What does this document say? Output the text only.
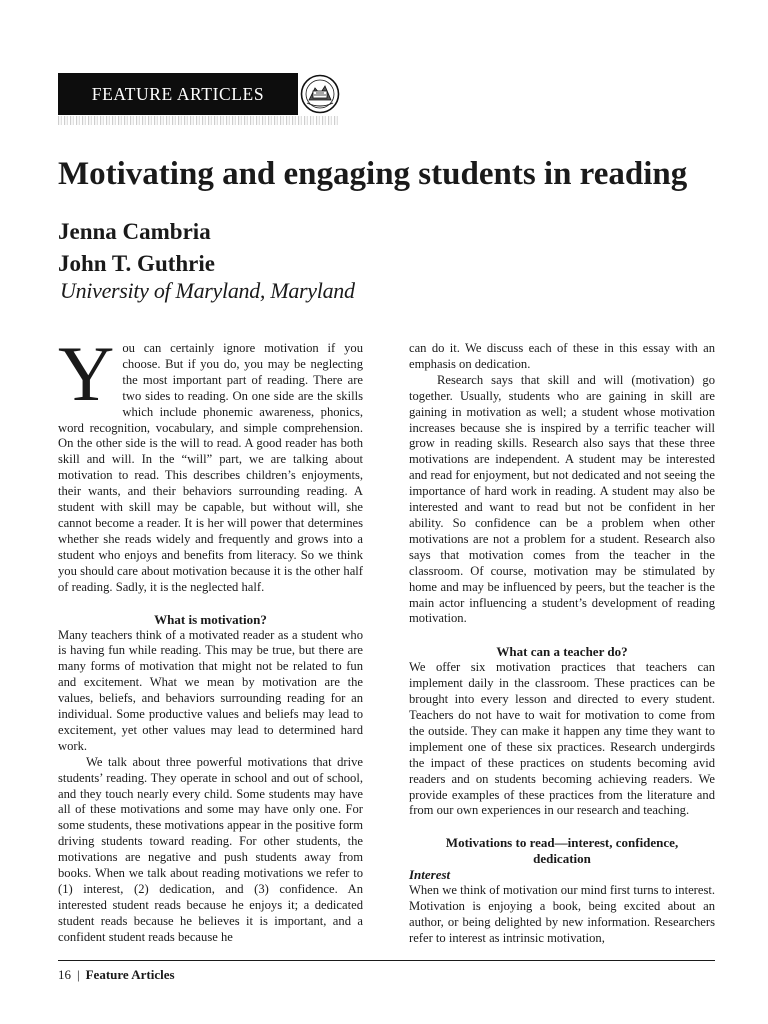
FEATURE ARTICLES
Motivating and engaging students in reading
Jenna Cambria
John T. Guthrie
University of Maryland, Maryland

You can certainly ignore motivation if you choose. But if you do, you may be neglecting the most important part of reading. There are two sides to reading. On one side are the skills which include phonemic awareness, phonics, word recognition, vocabulary, and simple comprehension. On the other side is the will to read. A good reader has both skill and will. In the “will” part, we are talking about motivation to read. This describes children’s enjoyments, their wants, and their behaviors surrounding reading. A student with skill may be capable, but without will, she cannot become a reader. It is her will power that determines whether she reads widely and frequently and grows into a student who enjoys and benefits from literacy. So we think you should care about motivation because it is the other half of reading. Sadly, it is the neglected half.

What is motivation?

Many teachers think of a motivated reader as a student who is having fun while reading. This may be true, but there are many forms of motivation that might not be related to fun and excitement. What we mean by motivation are the values, beliefs, and behaviors surrounding reading for an individual. Some productive values and beliefs may lead to excitement, yet other values may lead to determined hard work.

We talk about three powerful motivations that drive students’ reading. They operate in school and out of school, and they touch nearly every child. Some students may have all of these motivations and some may have only one. For some students, these motivations appear in the positive form driving students toward reading. For other students, the motivations are negative and push students away from books. When we talk about reading motivations we refer to (1) interest, (2) dedication, and (3) confidence. An interested student reads because he enjoys it; a dedicated student reads because he believes it is important, and a confident student reads because he

can do it. We discuss each of these in this essay with an emphasis on dedication.

Research says that skill and will (motivation) go together. Usually, students who are gaining in skill are gaining in motivation as well; a student whose motivation increases because she is inspired by a terrific teacher will grow in reading skills. Research also says that these three motivations are independent. A student may be interested and read for enjoyment, but not dedicated and not seeing the importance of hard work in reading. A student may also be interested and want to read but not be confident in her ability. So confidence can be a problem when other motivations are not a problem for a student. Research also says that motivation comes from the teacher in the classroom. Of course, motivation may be stimulated by home and may be influenced by peers, but the teacher is the main actor influencing a student’s development of reading motivation.

What can a teacher do?

We offer six motivation practices that teachers can implement daily in the classroom. These practices can be brought into every lesson and directed to every student. Teachers do not have to wait for motivation to come from the outside. They can make it happen any time they want to implement one of these six practices. Research undergirds the impact of these practices on students becoming avid readers and on students becoming achieving readers. We provide examples of these practices from the literature and from our own experiences in our research and teaching.

Motivations to read—interest, confidence,
dedication
Interest

When we think of motivation our mind first turns to interest. Motivation is enjoying a book, being excited about an author, or being delighted by new information. Researchers refer to interest as intrinsic motivation,

16 | Feature Articles
